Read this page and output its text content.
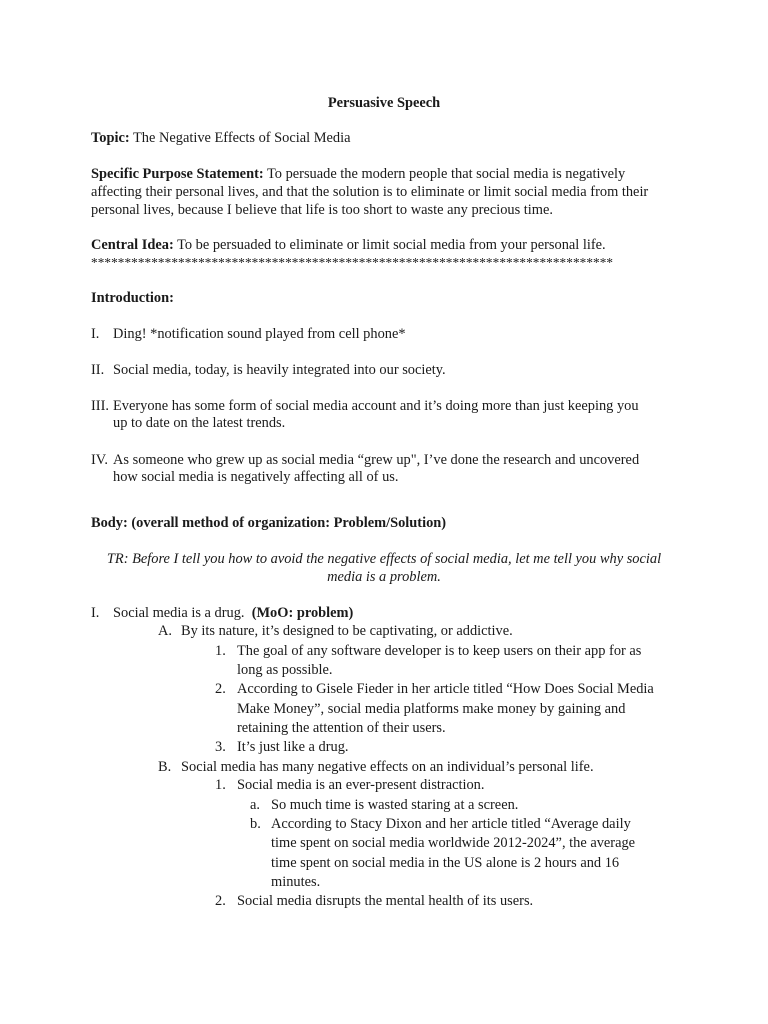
Persuasive Speech
Topic: The Negative Effects of Social Media
Specific Purpose Statement: To persuade the modern people that social media is negatively
affecting their personal lives, and that the solution is to eliminate or limit social media from their
personal lives, because I believe that life is too short to waste any precious time.
Central Idea: To be persuaded to eliminate or limit social media from your personal life.
******************************************************************************
Introduction:
I. Ding! *notification sound played from cell phone*
II. Social media, today, is heavily integrated into our society.
III. Everyone has some form of social media account and it’s doing more than just keeping you
up to date on the latest trends.
IV. As someone who grew up as social media “grew up", I’ve done the research and uncovered
how social media is negatively affecting all of us.
Body: (overall method of organization: Problem/Solution)
TR: Before I tell you how to avoid the negative effects of social media, let me tell you why social
media is a problem.
I. Social media is a drug. (MoO: problem)
A. By its nature, it’s designed to be captivating, or addictive.
1. The goal of any software developer is to keep users on their app for as
long as possible.
2. According to Gisele Fieder in her article titled “How Does Social Media
Make Money”, social media platforms make money by gaining and
retaining the attention of their users.
3. It’s just like a drug.
B. Social media has many negative effects on an individual’s personal life.
1. Social media is an ever-present distraction.
a. So much time is wasted staring at a screen.
b. According to Stacy Dixon and her article titled “Average daily
time spent on social media worldwide 2012-2024”, the average
time spent on social media in the US alone is 2 hours and 16
minutes.
2. Social media disrupts the mental health of its users.
